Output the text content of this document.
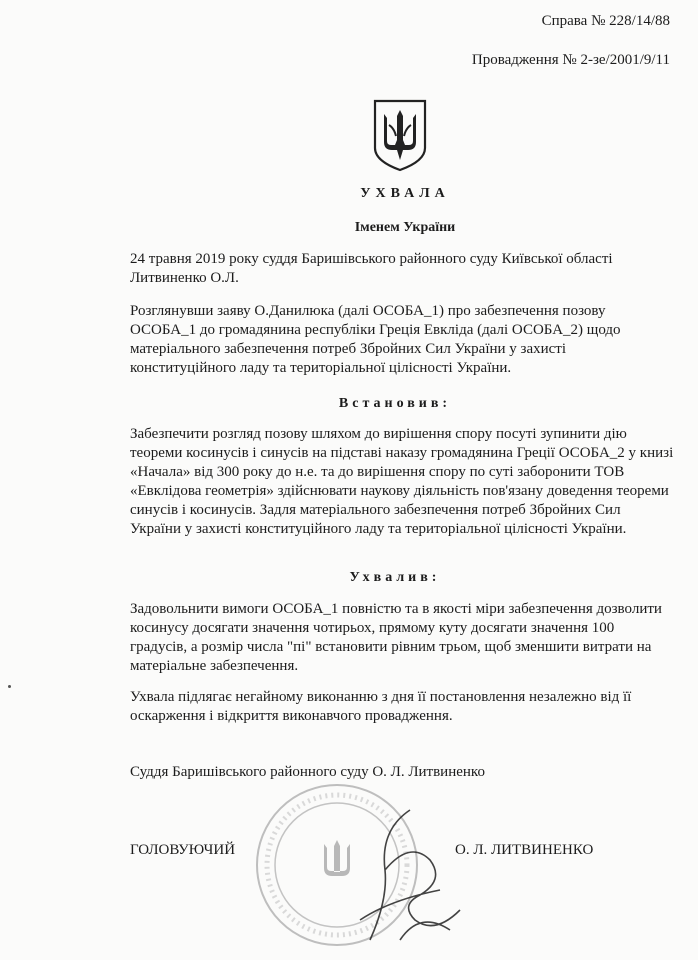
Справа № 228/14/88
Провадження № 2-зе/2001/9/11
УХВАЛА
Іменем України
24 травня 2019 року суддя Баришівського районного суду Київської області Литвиненко О.Л.
Розглянувши заяву О.Данилюка (далі ОСОБА_1) про забезпечення позову ОСОБА_1 до громадянина республіки Греція Евкліда (далі ОСОБА_2) щодо матеріального забезпечення потреб Збройних Сил України у захисті конституційного ладу та територіальної цілісності України.
Встановив:
Забезпечити розгляд позову шляхом до вирішення спору посуті зупинити дію теореми косинусів і синусів на підставі наказу громадянина Греції ОСОБА_2 у книзі «Начала» від 300 року до н.е. та до вирішення спору по суті заборонити ТОВ «Евклідова геометрія» здійснювати наукову діяльність пов'язану доведення теореми синусів і косинусів. Задля матеріального забезпечення потреб Збройних Сил України у захисті конституційного ладу та територіальної цілісності України.
Ухвалив:
Задовольнити вимоги ОСОБА_1 повністю та в якості міри забезпечення дозволити косинусу досягати значення чотирьох, прямому куту досягати значення 100 градусів, а розмір числа "пі" встановити рівним трьом, щоб зменшити витрати на матеріальне забезпечення.
Ухвала підлягає негайному виконанню з дня її постановлення незалежно від її оскарження і відкриття виконавчого провадження.
Суддя Баришівського районного суду О. Л. Литвиненко
ГОЛОВУЮЧИЙ	О. Л. ЛИТВИНЕНКО
